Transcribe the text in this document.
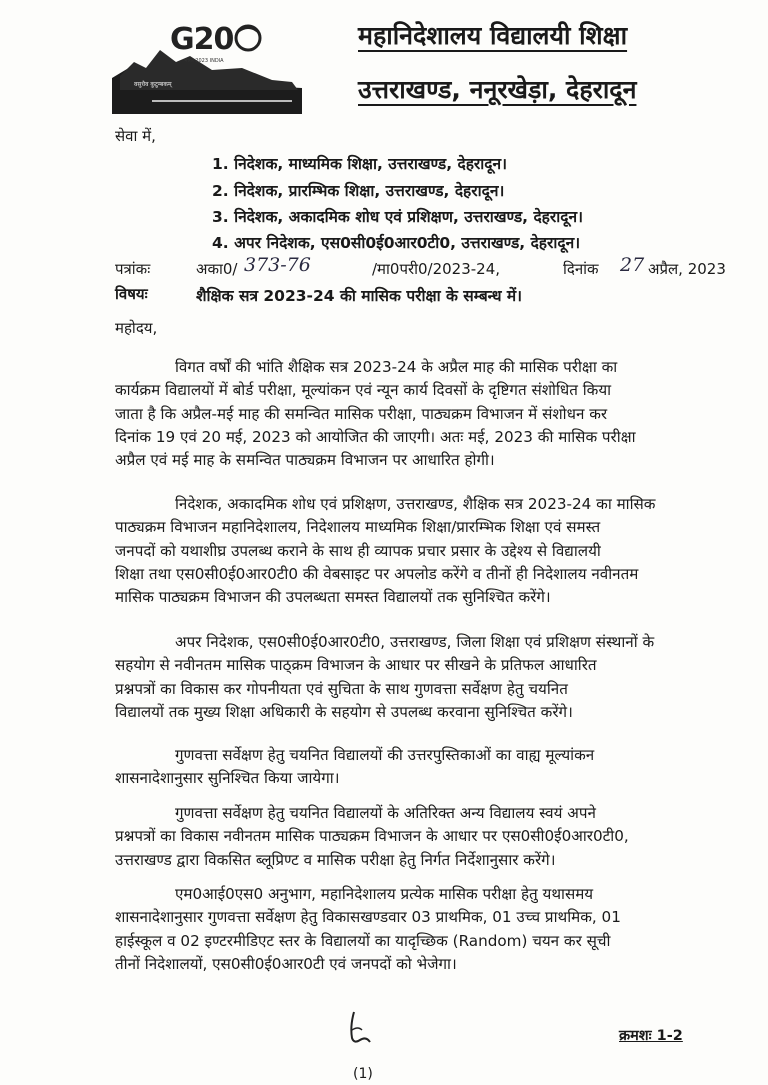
G20
भारत 2023 INDIA
वसुधैव कुटुम्बकम्
महानिदेशालय विद्यालयी शिक्षा
उत्तराखण्ड, ननूरखेड़ा, देहरादून
सेवा में,
1. निदेशक, माध्यमिक शिक्षा, उत्तराखण्ड, देहरादून।
2. निदेशक, प्रारम्भिक शिक्षा, उत्तराखण्ड, देहरादून।
3. निदेशक, अकादमिक शोध एवं प्रशिक्षण, उत्तराखण्ड, देहरादून।
4. अपर निदेशक, एस0सी0ई0आर0टी0, उत्तराखण्ड, देहरादून।
पत्रांकः	अका0/ 373-76	/मा0परी0/2023-24,	दिनांक 27 अप्रैल, 2023
विषयः	शैक्षिक सत्र 2023-24 की मासिक परीक्षा के सम्बन्ध में।
महोदय,
विगत वर्षों की भांति शैक्षिक सत्र 2023-24 के अप्रैल माह की मासिक परीक्षा का
कार्यक्रम विद्यालयों में बोर्ड परीक्षा, मूल्यांकन एवं न्यून कार्य दिवसों के दृष्टिगत संशोधित किया
जाता है कि अप्रैल-मई माह की समन्वित मासिक परीक्षा, पाठ्यक्रम विभाजन में संशोधन कर
दिनांक 19 एवं 20 मई, 2023 को आयोजित की जाएगी। अतः मई, 2023 की मासिक परीक्षा
अप्रैल एवं मई माह के समन्वित पाठ्यक्रम विभाजन पर आधारित होगी।
निदेशक, अकादमिक शोध एवं प्रशिक्षण, उत्तराखण्ड, शैक्षिक सत्र 2023-24 का मासिक
पाठ्यक्रम विभाजन महानिदेशालय, निदेशालय माध्यमिक शिक्षा/प्रारम्भिक शिक्षा एवं समस्त
जनपदों को यथाशीघ्र उपलब्ध कराने के साथ ही व्यापक प्रचार प्रसार के उद्देश्य से विद्यालयी
शिक्षा तथा एस0सी0ई0आर0टी0 की वेबसाइट पर अपलोड करेंगे व तीनों ही निदेशालय नवीनतम
मासिक पाठ्यक्रम विभाजन की उपलब्धता समस्त विद्यालयों तक सुनिश्चित करेंगे।
अपर निदेशक, एस0सी0ई0आर0टी0, उत्तराखण्ड, जिला शिक्षा एवं प्रशिक्षण संस्थानों के
सहयोग से नवीनतम मासिक पाठ्क्रम विभाजन के आधार पर सीखने के प्रतिफल आधारित
प्रश्नपत्रों का विकास कर गोपनीयता एवं सुचिता के साथ गुणवत्ता सर्वेक्षण हेतु चयनित
विद्यालयों तक मुख्य शिक्षा अधिकारी के सहयोग से उपलब्ध करवाना सुनिश्चित करेंगे।
गुणवत्ता सर्वेक्षण हेतु चयनित विद्यालयों की उत्तरपुस्तिकाओं का वाह्य मूल्यांकन
शासनादेशानुसार सुनिश्चित किया जायेगा।
गुणवत्ता सर्वेक्षण हेतु चयनित विद्यालयों के अतिरिक्त अन्य विद्यालय स्वयं अपने
प्रश्नपत्रों का विकास नवीनतम मासिक पाठ्यक्रम विभाजन के आधार पर एस0सी0ई0आर0टी0,
उत्तराखण्ड द्वारा विकसित ब्लूप्रिण्ट व मासिक परीक्षा हेतु निर्गत निर्देशानुसार करेंगे।
एम0आई0एस0 अनुभाग, महानिदेशालय प्रत्येक मासिक परीक्षा हेतु यथासमय
शासनादेशानुसार गुणवत्ता सर्वेक्षण हेतु विकासखण्डवार 03 प्राथमिक, 01 उच्च प्राथमिक, 01
हाईस्कूल व 02 इण्टरमीडिएट स्तर के विद्यालयों का यादृच्छिक (Random) चयन कर सूची
तीनों निदेशालयों, एस0सी0ई0आर0टी एवं जनपदों को भेजेगा।
क्रमशः 1-2
(1)
